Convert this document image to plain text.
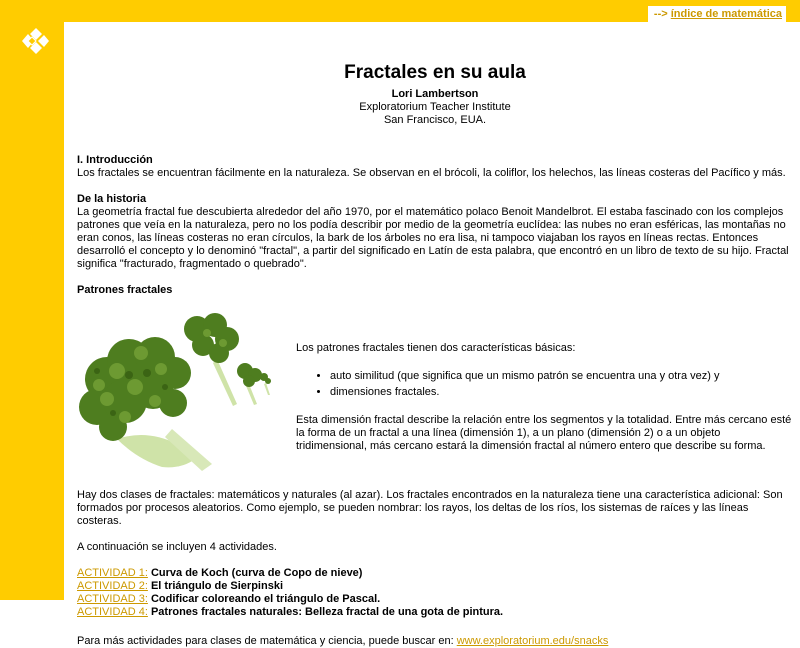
--> índice de matemática
Fractales en su aula
Lori Lambertson
Exploratorium Teacher Institute
San Francisco, EUA.
I. Introducción

Los fractales se encuentran fácilmente en la naturaleza. Se observan en el brócoli, la coliflor, los helechos, las líneas costeras del Pacífico y más.

De la historia

La geometría fractal fue descubierta alrededor del año 1970, por el matemático polaco Benoit Mandelbrot. El estaba fascinado con los complejos patrones que veía en la naturaleza, pero no los podía describir por medio de la geometría euclídea: las nubes no eran esféricas, las montañas no eran conos, las líneas costeras no eran círculos, la bark de los árboles no era lisa, ni tampoco viajaban los rayos en líneas rectas. Entonces desarrolló el concepto y lo denominó "fractal", a partir del significado en Latín de esta palabra, que encontró en un libro de texto de su hijo. Fractal significa "fracturado, fragmentado o quebrado".

Patrones fractales

Los patrones fractales tienen dos características básicas:

• auto similitud (que significa que un mismo patrón se encuentra una y otra vez) y
• dimensiones fractales.

Esta dimensión fractal describe la relación entre los segmentos y la totalidad. Entre más cercano esté la forma de un fractal a una línea (dimensión 1), a un plano (dimensión 2) o a un objeto tridimensional, más cercano estará la dimensión fractal al número entero que describe su forma.

Hay dos clases de fractales: matemáticos y naturales (al azar). Los fractales encontrados en la naturaleza tiene una característica adicional: Son formados por procesos aleatorios. Como ejemplo, se pueden nombrar: los rayos, los deltas de los ríos, los sistemas de raíces y las líneas costeras.

A continuación se incluyen 4 actividades.

ACTIVIDAD 1: Curva de Koch (curva de Copo de nieve)
ACTIVIDAD 2: El triángulo de Sierpinski
ACTIVIDAD 3: Codificar coloreando el triángulo de Pascal.
ACTIVIDAD 4: Patrones fractales naturales: Belleza fractal de una gota de pintura.

Para más actividades para clases de matemática y ciencia, puede buscar en: www.exploratorium.edu/snacks
